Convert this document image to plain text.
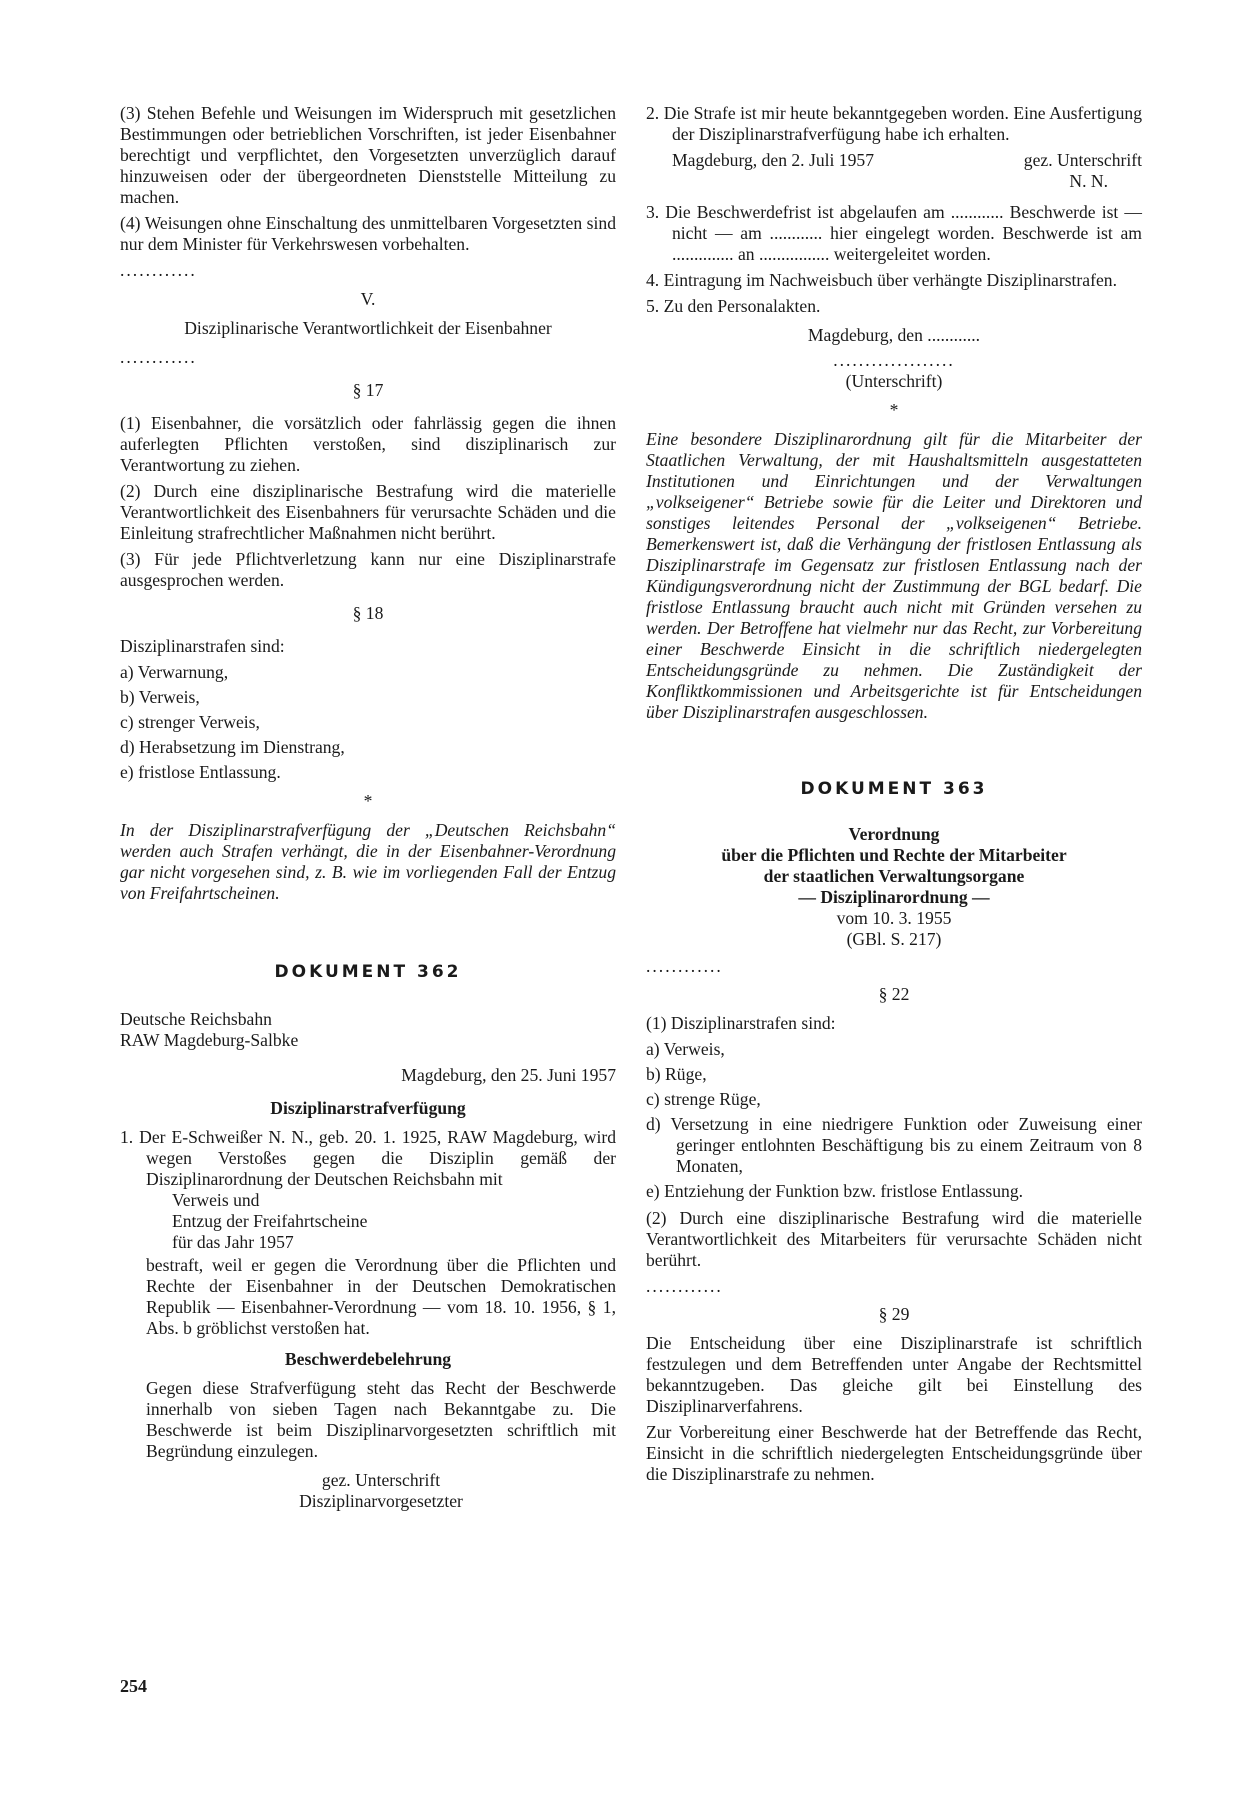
(3) Stehen Befehle und Weisungen im Widerspruch mit gesetzlichen Bestimmungen oder betrieblichen Vorschriften, ist jeder Eisenbahner berechtigt und verpflichtet, den Vorgesetzten unverzüglich darauf hinzuweisen oder der übergeordneten Dienststelle Mitteilung zu machen.

(4) Weisungen ohne Einschaltung des unmittelbaren Vorgesetzten sind nur dem Minister für Verkehrswesen vorbehalten.

............

V.

Disziplinarische Verantwortlichkeit der Eisenbahner

............

§ 17

(1) Eisenbahner, die vorsätzlich oder fahrlässig gegen die ihnen auferlegten Pflichten verstoßen, sind disziplinarisch zur Verantwortung zu ziehen.

(2) Durch eine disziplinarische Bestrafung wird die materielle Verantwortlichkeit des Eisenbahners für verursachte Schäden und die Einleitung strafrechtlicher Maßnahmen nicht berührt.

(3) Für jede Pflichtverletzung kann nur eine Disziplinarstrafe ausgesprochen werden.

§ 18

Disziplinarstrafen sind:

a) Verwarnung,
b) Verweis,
c) strenger Verweis,
d) Herabsetzung im Dienstrang,
e) fristlose Entlassung.

*

In der Disziplinarstrafverfügung der „Deutschen Reichsbahn“ werden auch Strafen verhängt, die in der Eisenbahner-Verordnung gar nicht vorgesehen sind, z. B. wie im vorliegenden Fall der Entzug von Freifahrtscheinen.

DOKUMENT 362

Deutsche Reichsbahn

RAW Magdeburg-Salbke

Magdeburg, den 25. Juni 1957

Disziplinarstrafverfügung

1. Der E-Schweißer N. N., geb. 20. 1. 1925, RAW Magdeburg, wird wegen Verstoßes gegen die Disziplin gemäß der Disziplinarordnung der Deutschen Reichsbahn mit

Verweis und
Entzug der Freifahrtscheine
für das Jahr 1957

bestraft, weil er gegen die Verordnung über die Pflichten und Rechte der Eisenbahner in der Deutschen Demokratischen Republik — Eisenbahner-Verordnung — vom 18. 10. 1956, § 1, Abs. b gröblichst verstoßen hat.

Beschwerdebelehrung

Gegen diese Strafverfügung steht das Recht der Beschwerde innerhalb von sieben Tagen nach Bekanntgabe zu. Die Beschwerde ist beim Disziplinarvorgesetzten schriftlich mit Begründung einzulegen.

gez. Unterschrift
Disziplinarvorgesetzter

2. Die Strafe ist mir heute bekanntgegeben worden. Eine Ausfertigung der Disziplinarstrafverfügung habe ich erhalten.

Magdeburg, den 2. Juli 1957	gez. Unterschrift

N. N.

3. Die Beschwerdefrist ist abgelaufen am ............ Beschwerde ist — nicht — am ............ hier eingelegt worden. Beschwerde ist am .............. an ................ weitergeleitet worden.

4. Eintragung im Nachweisbuch über verhängte Disziplinarstrafen.

5. Zu den Personalakten.

Magdeburg, den ............

...................
(Unterschrift)

*

Eine besondere Disziplinarordnung gilt für die Mitarbeiter der Staatlichen Verwaltung, der mit Haushaltsmitteln ausgestatteten Institutionen und Einrichtungen und der Verwaltungen „volkseigener“ Betriebe sowie für die Leiter und Direktoren und sonstiges leitendes Personal der „volkseigenen“ Betriebe. Bemerkenswert ist, daß die Verhängung der fristlosen Entlassung als Disziplinarstrafe im Gegensatz zur fristlosen Entlassung nach der Kündigungsverordnung nicht der Zustimmung der BGL bedarf. Die fristlose Entlassung braucht auch nicht mit Gründen versehen zu werden. Der Betroffene hat vielmehr nur das Recht, zur Vorbereitung einer Beschwerde Einsicht in die schriftlich niedergelegten Entscheidungsgründe zu nehmen. Die Zuständigkeit der Konfliktkommissionen und Arbeitsgerichte ist für Entscheidungen über Disziplinarstrafen ausgeschlossen.

DOKUMENT 363

Verordnung

über die Pflichten und Rechte der Mitarbeiter

der staatlichen Verwaltungsorgane

— Disziplinarordnung —

vom 10. 3. 1955

(GBl. S. 217)

............

§ 22

(1) Disziplinarstrafen sind:

a) Verweis,
b) Rüge,
c) strenge Rüge,
d) Versetzung in eine niedrigere Funktion oder Zuweisung einer geringer entlohnten Beschäftigung bis zu einem Zeitraum von 8 Monaten,
e) Entziehung der Funktion bzw. fristlose Entlassung.

(2) Durch eine disziplinarische Bestrafung wird die materielle Verantwortlichkeit des Mitarbeiters für verursachte Schäden nicht berührt.

............

§ 29

Die Entscheidung über eine Disziplinarstrafe ist schriftlich festzulegen und dem Betreffenden unter Angabe der Rechtsmittel bekanntzugeben. Das gleiche gilt bei Einstellung des Disziplinarverfahrens.

Zur Vorbereitung einer Beschwerde hat der Betreffende das Recht, Einsicht in die schriftlich niedergelegten Entscheidungsgründe über die Disziplinarstrafe zu nehmen.

254
